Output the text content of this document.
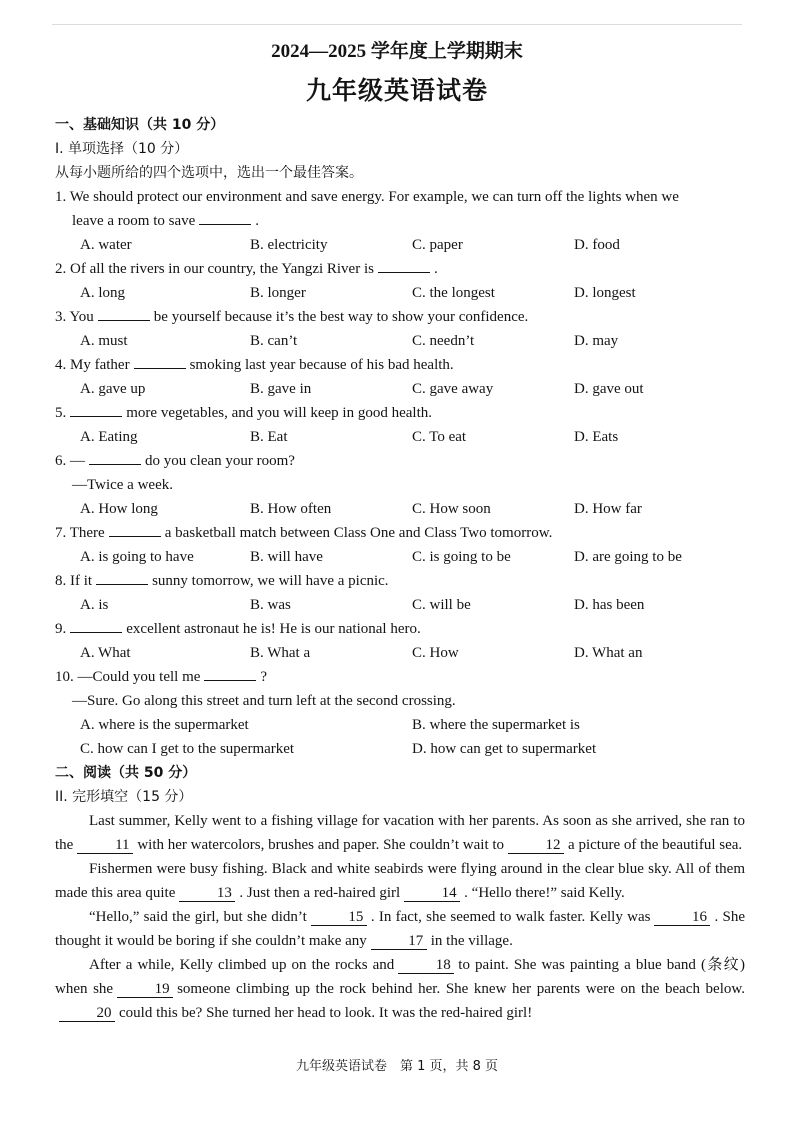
2024—2025 学年度上学期期末
九年级英语试卷
一、基础知识（共 10 分）
I. 单项选择（10 分）
从每小题所给的四个选项中，选出一个最佳答案。
1. We should protect our environment and save energy. For example, we can turn off the lights when we
leave a room to save	.
A. water	B. electricity	C. paper	D. food
2. Of all the rivers in our country, the Yangzi River is	.
A. long	B. longer	C. the longest	D. longest
3. You	be yourself because it’s the best way to show your confidence.
A. must	B. can’t	C. needn’t	D. may
4. My father	smoking last year because of his bad health.
A. gave up	B. gave in	C. gave away	D. gave out
5.	more vegetables, and you will keep in good health.
A. Eating	B. Eat	C. To eat	D. Eats
6. —	do you clean your room?
—Twice a week.
A. How long	B. How often	C. How soon	D. How far
7. There	a basketball match between Class One and Class Two tomorrow.
A. is going to have	B. will have	C. is going to be	D. are going to be
8. If it	sunny tomorrow, we will have a picnic.
A. is	B. was	C. will be	D. has been
9.	excellent astronaut he is! He is our national hero.
A. What	B. What a	C. How	D. What an
10. —Could you tell me	?
—Sure. Go along this street and turn left at the second crossing.
A. where is the supermarket	B. where the supermarket is
C. how can I get to the supermarket	D. how can get to supermarket
二、阅读（共 50 分）
II. 完形填空（15 分）
Last summer, Kelly went to a fishing village for vacation with her parents. As soon as she arrived, she ran to the	11 with her watercolors, brushes and paper. She couldn’t wait to	12 a picture of the beautiful sea.
Fishermen were busy fishing. Black and white seabirds were flying around in the clear blue sky. All of them made this area quite	13 . Just then a red-haired girl	14 . “Hello there!” said Kelly.
“Hello,” said the girl, but she didn’t	15 . In fact, she seemed to walk faster. Kelly was	16 . She thought it would be boring if she couldn’t make any	17 in the village.
After a while, Kelly climbed up on the rocks and	18 to paint. She was painting a blue band (条纹) when she	19 someone climbing up the rock behind her. She knew her parents were on the beach below.20 could this be? She turned her head to look. It was the red-haired girl!
九年级英语试卷　第 1 页，共 8 页
